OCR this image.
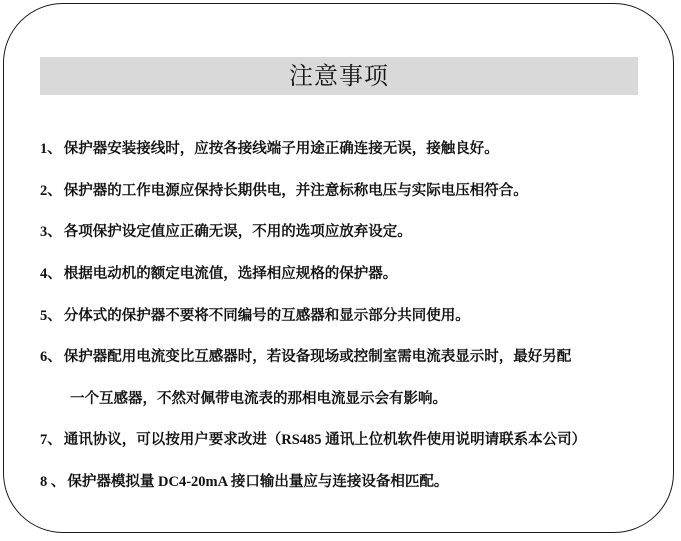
注意事项
1、 保护器安装接线时，应按各接线端子用途正确连接无误，接触良好。
2、 保护器的工作电源应保持长期供电，并注意标称电压与实际电压相符合。
3、 各项保护设定值应正确无误，不用的选项应放弃设定。
4、 根据电动机的额定电流值，选择相应规格的保护器。
5、 分体式的保护器不要将不同编号的互感器和显示部分共同使用。
6、 保护器配用电流变比互感器时，若设备现场或控制室需电流表显示时，最好另配
一个互感器，不然对佩带电流表的那相电流显示会有影响。
7、 通讯协议，可以按用户要求改进（RS485 通讯上位机软件使用说明请联系本公司）
8 、 保护器模拟量 DC4-20mA 接口输出量应与连接设备相匹配。
